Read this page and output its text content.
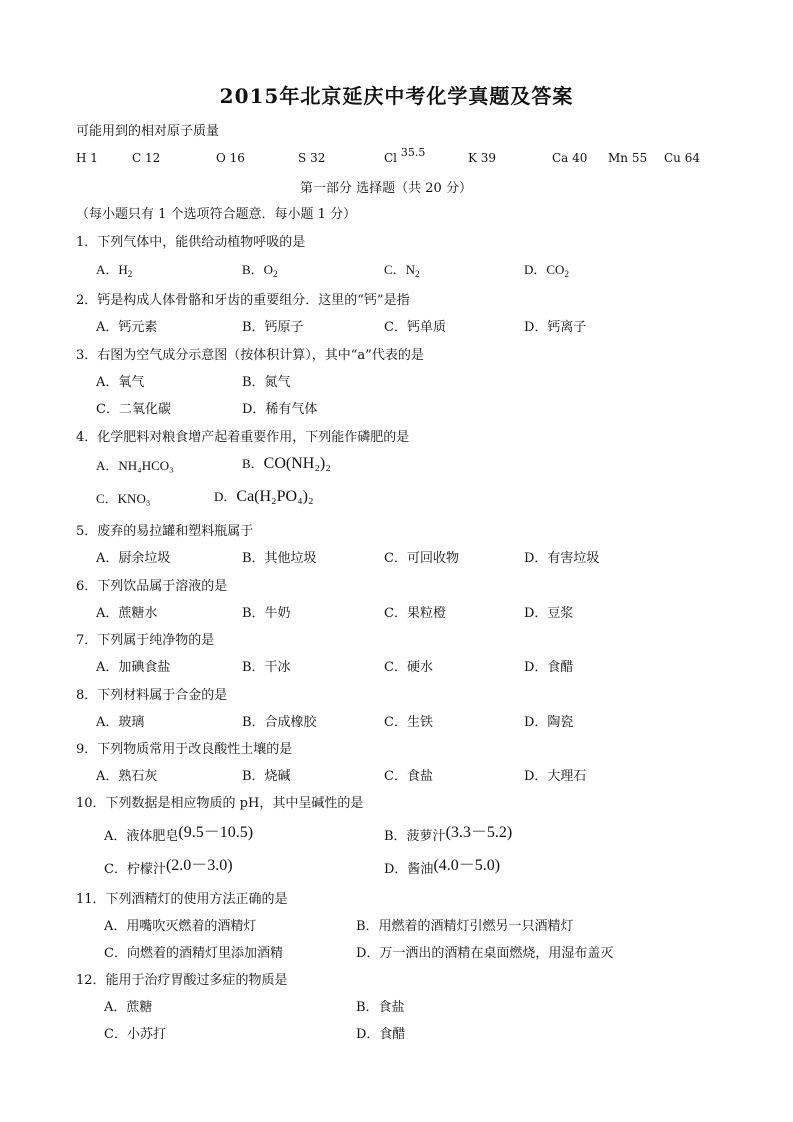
2015年北京延庆中考化学真题及答案
可能用到的相对原子质量
H 1	C 12	O 16	S 32	Cl 35.5	K 39	Ca 40 Mn 55 Cu 64
第一部分 选择题（共 20 分）
（每小题只有 1 个选项符合题意．每小题 1 分）
1．下列气体中，能供给动植物呼吸的是
A．$H_2$	B．$O_2$	C．$N_2$	D．$CO_2$
2．钙是构成人体骨骼和牙齿的重要组分．这里的“钙”是指
A．钙元素	B．钙原子	C．钙单质	D．钙离子
3．右图为空气成分示意图（按体积计算），其中“a”代表的是
A．氧气	B．氮气
C．二氧化碳	D．稀有气体
4．化学肥料对粮食增产起着重要作用，下列能作磷肥的是
A．NH₄HCO₃	B．CO(NH₂)₂
C．KNO₃	D．Ca(H₂PO₄)₂
5．废弃的易拉罐和塑料瓶属于
A．厨余垃圾	B．其他垃圾	C．可回收物	D．有害垃圾
6．下列饮品属于溶液的是
A．蔗糖水	B．牛奶	C．果粒橙	D．豆浆
7．下列属于纯净物的是
A．加碘食盐	B．干冰	C．硬水	D．食醋
8．下列材料属于合金的是
A．玻璃	B．合成橡胶	C．生铁	D．陶瓷
9．下列物质常用于改良酸性土壤的是
A．熟石灰	B．烧碱	C．食盐	D．大理石
10．下列数据是相应物质的 pH，其中呈碱性的是
A．液体肥皂(9.5－10.5)	B．菠萝汁(3.3－5.2)
C．柠檬汁(2.0－3.0)	D．酱油(4.0－5.0)
11．下列酒精灯的使用方法正确的是
A．用嘴吹灭燃着的酒精灯	B．用燃着的酒精灯引燃另一只酒精灯
C．向燃着的酒精灯里添加酒精	D．万一洒出的酒精在桌面燃烧，用湿布盖灭
12．能用于治疗胃酸过多症的物质是
A．蔗糖	B．食盐
C．小苏打	D．食醋
